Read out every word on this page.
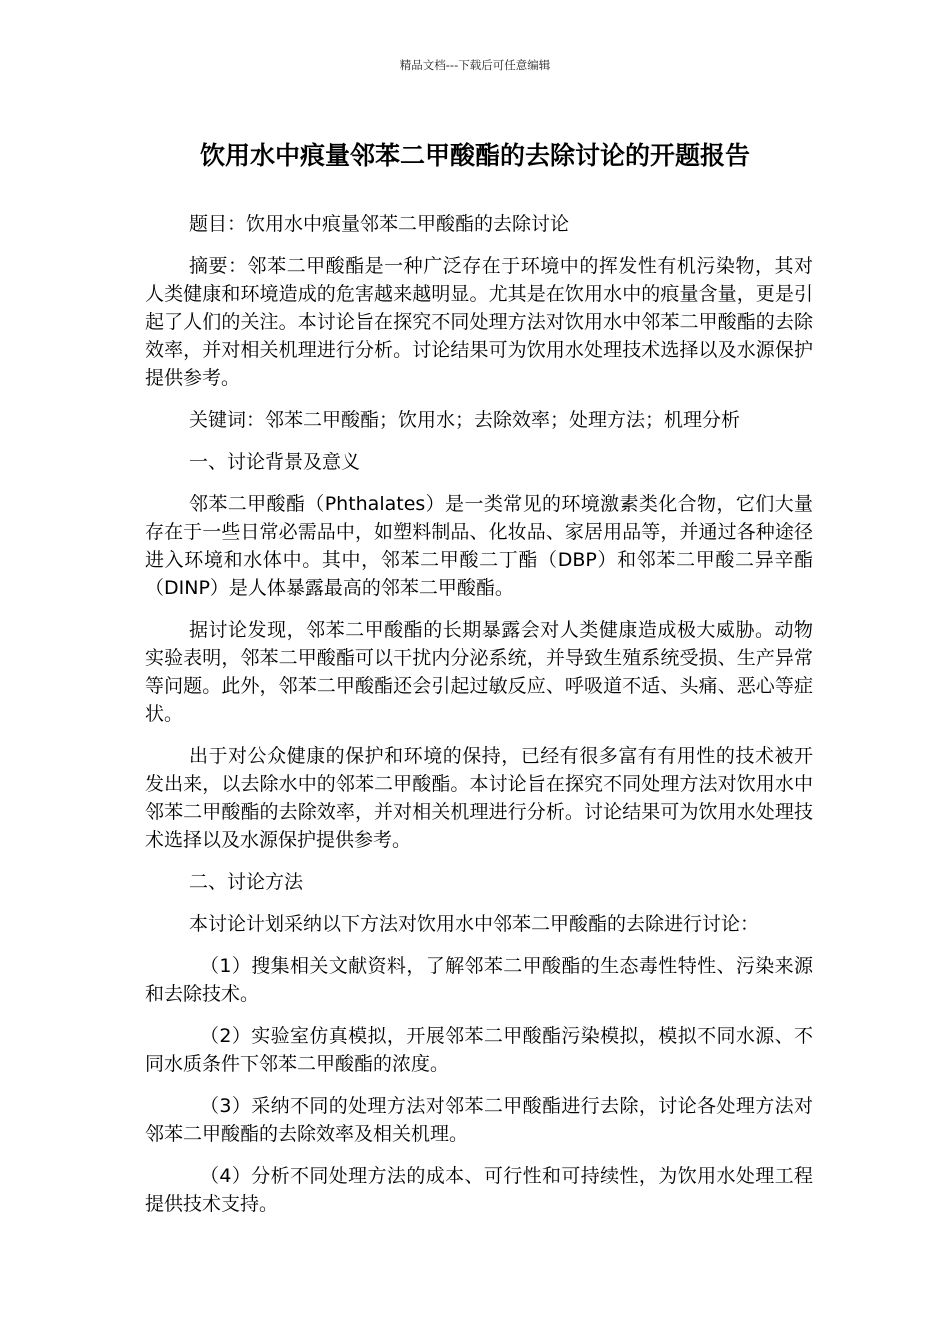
精品文档---下载后可任意编辑
饮用水中痕量邻苯二甲酸酯的去除讨论的开题报告

题目：饮用水中痕量邻苯二甲酸酯的去除讨论

摘要：邻苯二甲酸酯是一种广泛存在于环境中的挥发性有机污染物，其对人类健康和环境造成的危害越来越明显。尤其是在饮用水中的痕量含量，更是引起了人们的关注。本讨论旨在探究不同处理方法对饮用水中邻苯二甲酸酯的去除效率，并对相关机理进行分析。讨论结果可为饮用水处理技术选择以及水源保护提供参考。

关键词：邻苯二甲酸酯；饮用水；去除效率；处理方法；机理分析

一、讨论背景及意义

邻苯二甲酸酯（Phthalates）是一类常见的环境激素类化合物，它们大量存在于一些日常必需品中，如塑料制品、化妆品、家居用品等，并通过各种途径进入环境和水体中。其中，邻苯二甲酸二丁酯（DBP）和邻苯二甲酸二异辛酯（DINP）是人体暴露最高的邻苯二甲酸酯。

据讨论发现，邻苯二甲酸酯的长期暴露会对人类健康造成极大威胁。动物实验表明，邻苯二甲酸酯可以干扰内分泌系统，并导致生殖系统受损、生产异常等问题。此外，邻苯二甲酸酯还会引起过敏反应、呼吸道不适、头痛、恶心等症状。

出于对公众健康的保护和环境的保持，已经有很多富有有用性的技术被开发出来，以去除水中的邻苯二甲酸酯。本讨论旨在探究不同处理方法对饮用水中邻苯二甲酸酯的去除效率，并对相关机理进行分析。讨论结果可为饮用水处理技术选择以及水源保护提供参考。

二、讨论方法

本讨论计划采纳以下方法对饮用水中邻苯二甲酸酯的去除进行讨论：

（1）搜集相关文献资料，了解邻苯二甲酸酯的生态毒性特性、污染来源和去除技术。

（2）实验室仿真模拟，开展邻苯二甲酸酯污染模拟，模拟不同水源、不同水质条件下邻苯二甲酸酯的浓度。

（3）采纳不同的处理方法对邻苯二甲酸酯进行去除，讨论各处理方法对邻苯二甲酸酯的去除效率及相关机理。

（4）分析不同处理方法的成本、可行性和可持续性，为饮用水处理工程提供技术支持。
